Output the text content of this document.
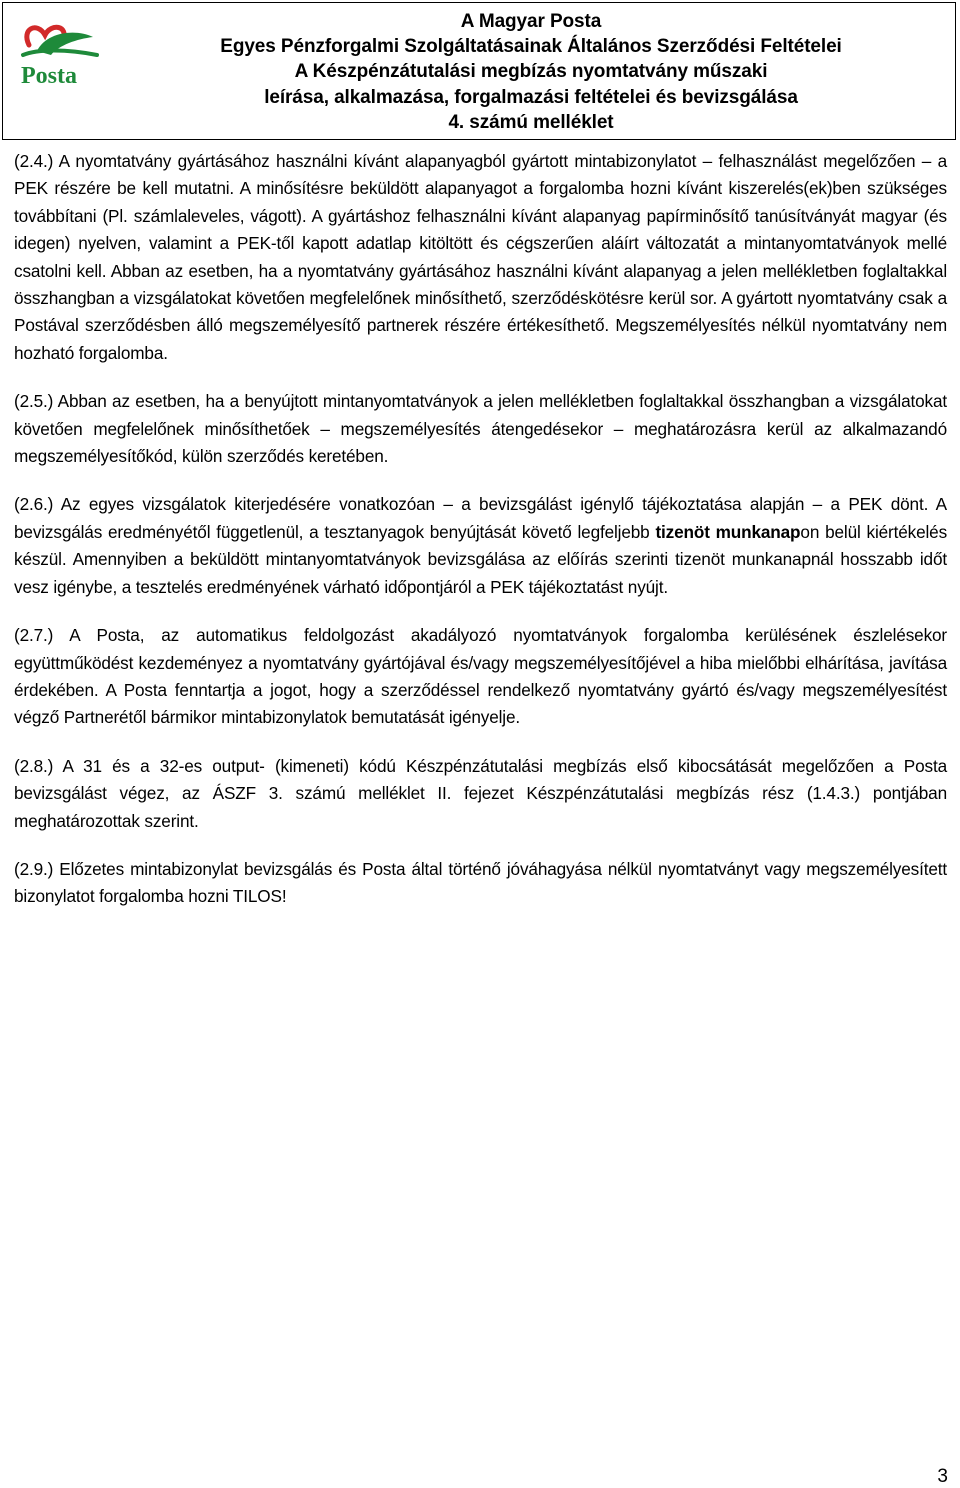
Posta
A Magyar Posta
Egyes Pénzforgalmi Szolgáltatásainak Általános Szerződési Feltételei
A Készpénzátutalási megbízás nyomtatvány műszaki
leírása, alkalmazása, forgalmazási feltételei és bevizsgálása
4. számú melléklet

(2.4.) A nyomtatvány gyártásához használni kívánt alapanyagból gyártott mintabizonylatot – felhasználást megelőzően – a PEK részére be kell mutatni. A minősítésre beküldött alapanyagot a forgalomba hozni kívánt kiszerelés(ek)ben szükséges továbbítani (Pl. számlaleveles, vágott). A gyártáshoz felhasználni kívánt alapanyag papírminősítő tanúsítványát magyar (és idegen) nyelven, valamint a PEK-től kapott adatlap kitöltött és cégszerűen aláírt változatát a mintanyomtatványok mellé csatolni kell. Abban az esetben, ha a nyomtatvány gyártásához használni kívánt alapanyag a jelen mellékletben foglaltakkal összhangban a vizsgálatokat követően megfelelőnek minősíthető, szerződéskötésre kerül sor. A gyártott nyomtatvány csak a Postával szerződésben álló megszemélyesítő partnerek részére értékesíthető. Megszemélyesítés nélkül nyomtatvány nem hozható forgalomba.

(2.5.) Abban az esetben, ha a benyújtott mintanyomtatványok a jelen mellékletben foglaltakkal összhangban a vizsgálatokat követően megfelelőnek minősíthetőek – megszemélyesítés átengedésekor – meghatározásra kerül az alkalmazandó megszemélyesítőkód, külön szerződés keretében.

(2.6.) Az egyes vizsgálatok kiterjedésére vonatkozóan – a bevizsgálást igénylő tájékoztatása alapján – a PEK dönt. A bevizsgálás eredményétől függetlenül, a tesztanyagok benyújtását követő legfeljebb tizenöt munkanapon belül kiértékelés készül. Amennyiben a beküldött mintanyomtatványok bevizsgálása az előírás szerinti tizenöt munkanapnál hosszabb időt vesz igénybe, a tesztelés eredményének várható időpontjáról a PEK tájékoztatást nyújt.

(2.7.) A Posta, az automatikus feldolgozást akadályozó nyomtatványok forgalomba kerülésének észlelésekor együttműködést kezdeményez a nyomtatvány gyártójával és/vagy megszemélyesítőjével a hiba mielőbbi elhárítása, javítása érdekében. A Posta fenntartja a jogot, hogy a szerződéssel rendelkező nyomtatvány gyártó és/vagy megszemélyesítést végző Partnerétől bármikor mintabizonylatok bemutatását igényelje.

(2.8.) A 31 és a 32-es output- (kimeneti) kódú Készpénzátutalási megbízás első kibocsátását megelőzően a Posta bevizsgálást végez, az ÁSZF 3. számú melléklet II. fejezet Készpénzátutalási megbízás rész (1.4.3.) pontjában meghatározottak szerint.

(2.9.) Előzetes mintabizonylat bevizsgálás és Posta által történő jóváhagyása nélkül nyomtatványt vagy megszemélyesített bizonylatot forgalomba hozni TILOS!

3
